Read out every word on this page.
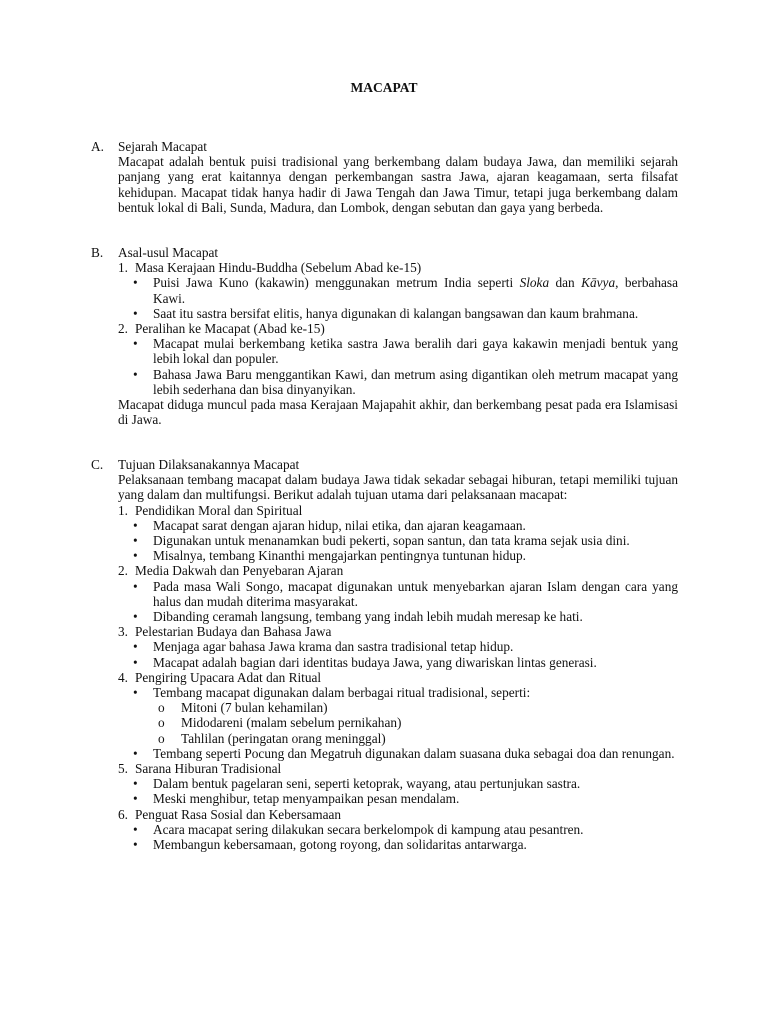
MACAPAT
A. Sejarah Macapat
Macapat adalah bentuk puisi tradisional yang berkembang dalam budaya Jawa, dan memiliki sejarah panjang yang erat kaitannya dengan perkembangan sastra Jawa, ajaran keagamaan, serta filsafat kehidupan. Macapat tidak hanya hadir di Jawa Tengah dan Jawa Timur, tetapi juga berkembang dalam bentuk lokal di Bali, Sunda, Madura, dan Lombok, dengan sebutan dan gaya yang berbeda.
B. Asal-usul Macapat
1. Masa Kerajaan Hindu-Buddha (Sebelum Abad ke-15)
• Puisi Jawa Kuno (kakawin) menggunakan metrum India seperti Sloka dan Kāvya, berbahasa Kawi.
• Saat itu sastra bersifat elitis, hanya digunakan di kalangan bangsawan dan kaum brahmana.
2. Peralihan ke Macapat (Abad ke-15)
• Macapat mulai berkembang ketika sastra Jawa beralih dari gaya kakawin menjadi bentuk yang lebih lokal dan populer.
• Bahasa Jawa Baru menggantikan Kawi, dan metrum asing digantikan oleh metrum macapat yang lebih sederhana dan bisa dinyanyikan.
Macapat diduga muncul pada masa Kerajaan Majapahit akhir, dan berkembang pesat pada era Islamisasi di Jawa.
C. Tujuan Dilaksanakannya Macapat
Pelaksanaan tembang macapat dalam budaya Jawa tidak sekadar sebagai hiburan, tetapi memiliki tujuan yang dalam dan multifungsi. Berikut adalah tujuan utama dari pelaksanaan macapat:
1. Pendidikan Moral dan Spiritual
• Macapat sarat dengan ajaran hidup, nilai etika, dan ajaran keagamaan.
• Digunakan untuk menanamkan budi pekerti, sopan santun, dan tata krama sejak usia dini.
• Misalnya, tembang Kinanthi mengajarkan pentingnya tuntunan hidup.
2. Media Dakwah dan Penyebaran Ajaran
• Pada masa Wali Songo, macapat digunakan untuk menyebarkan ajaran Islam dengan cara yang halus dan mudah diterima masyarakat.
• Dibanding ceramah langsung, tembang yang indah lebih mudah meresap ke hati.
3. Pelestarian Budaya dan Bahasa Jawa
• Menjaga agar bahasa Jawa krama dan sastra tradisional tetap hidup.
• Macapat adalah bagian dari identitas budaya Jawa, yang diwariskan lintas generasi.
4. Pengiring Upacara Adat dan Ritual
• Tembang macapat digunakan dalam berbagai ritual tradisional, seperti:
o Mitoni (7 bulan kehamilan)
o Midodareni (malam sebelum pernikahan)
o Tahlilan (peringatan orang meninggal)
• Tembang seperti Pocung dan Megatruh digunakan dalam suasana duka sebagai doa dan renungan.
5. Sarana Hiburan Tradisional
• Dalam bentuk pagelaran seni, seperti ketoprak, wayang, atau pertunjukan sastra.
• Meski menghibur, tetap menyampaikan pesan mendalam.
6. Penguat Rasa Sosial dan Kebersamaan
• Acara macapat sering dilakukan secara berkelompok di kampung atau pesantren.
• Membangun kebersamaan, gotong royong, dan solidaritas antarwarga.
